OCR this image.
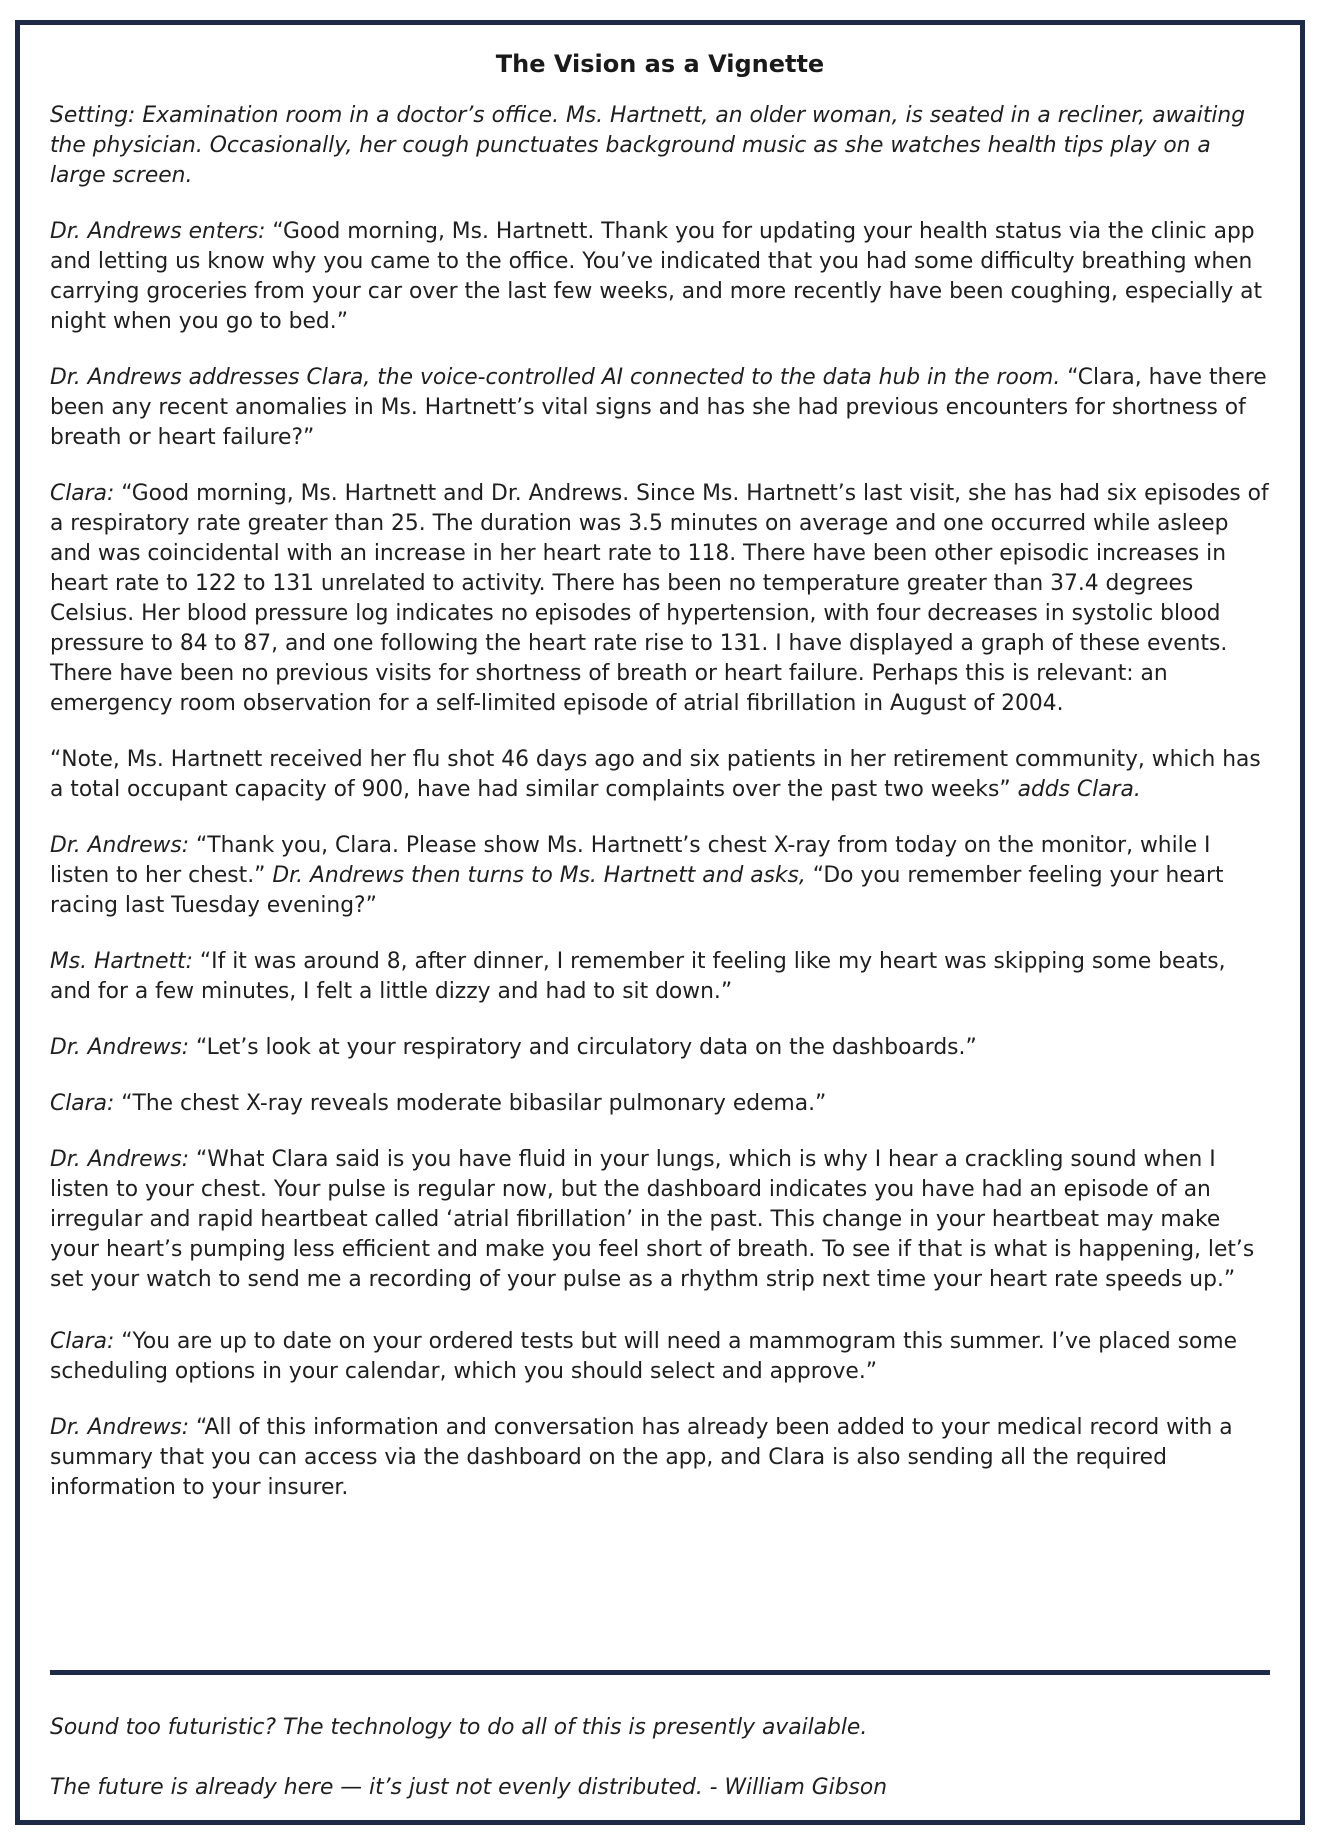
The Vision as a Vignette

Setting: Examination room in a doctor’s office. Ms. Hartnett, an older woman, is seated in a recliner, awaiting the physician. Occasionally, her cough punctuates background music as she watches health tips play on a large screen.

Dr. Andrews enters: “Good morning, Ms. Hartnett. Thank you for updating your health status via the clinic app and letting us know why you came to the office. You’ve indicated that you had some difficulty breathing when carrying groceries from your car over the last few weeks, and more recently have been coughing, especially at night when you go to bed.”

Dr. Andrews addresses Clara, the voice-controlled AI connected to the data hub in the room. “Clara, have there been any recent anomalies in Ms. Hartnett’s vital signs and has she had previous encounters for shortness of breath or heart failure?”

Clara: “Good morning, Ms. Hartnett and Dr. Andrews. Since Ms. Hartnett’s last visit, she has had six episodes of a respiratory rate greater than 25. The duration was 3.5 minutes on average and one occurred while asleep and was coincidental with an increase in her heart rate to 118. There have been other episodic increases in heart rate to 122 to 131 unrelated to activity. There has been no temperature greater than 37.4 degrees Celsius. Her blood pressure log indicates no episodes of hypertension, with four decreases in systolic blood pressure to 84 to 87, and one following the heart rate rise to 131. I have displayed a graph of these events. There have been no previous visits for shortness of breath or heart failure. Perhaps this is relevant: an emergency room observation for a self-limited episode of atrial fibrillation in August of 2004.

“Note, Ms. Hartnett received her flu shot 46 days ago and six patients in her retirement community, which has a total occupant capacity of 900, have had similar complaints over the past two weeks” adds Clara.

Dr. Andrews: “Thank you, Clara. Please show Ms. Hartnett’s chest X-ray from today on the monitor, while I listen to her chest.” Dr. Andrews then turns to Ms. Hartnett and asks, “Do you remember feeling your heart racing last Tuesday evening?”

Ms. Hartnett: “If it was around 8, after dinner, I remember it feeling like my heart was skipping some beats, and for a few minutes, I felt a little dizzy and had to sit down.”

Dr. Andrews: “Let’s look at your respiratory and circulatory data on the dashboards.”

Clara: “The chest X-ray reveals moderate bibasilar pulmonary edema.”

Dr. Andrews: “What Clara said is you have fluid in your lungs, which is why I hear a crackling sound when I listen to your chest. Your pulse is regular now, but the dashboard indicates you have had an episode of an irregular and rapid heartbeat called ‘atrial fibrillation’ in the past. This change in your heartbeat may make your heart’s pumping less efficient and make you feel short of breath. To see if that is what is happening, let’s set your watch to send me a recording of your pulse as a rhythm strip next time your heart rate speeds up.”

Clara: “You are up to date on your ordered tests but will need a mammogram this summer. I’ve placed some scheduling options in your calendar, which you should select and approve.”

Dr. Andrews: “All of this information and conversation has already been added to your medical record with a summary that you can access via the dashboard on the app, and Clara is also sending all the required information to your insurer.

Sound too futuristic? The technology to do all of this is presently available.

The future is already here — it’s just not evenly distributed. - William Gibson
